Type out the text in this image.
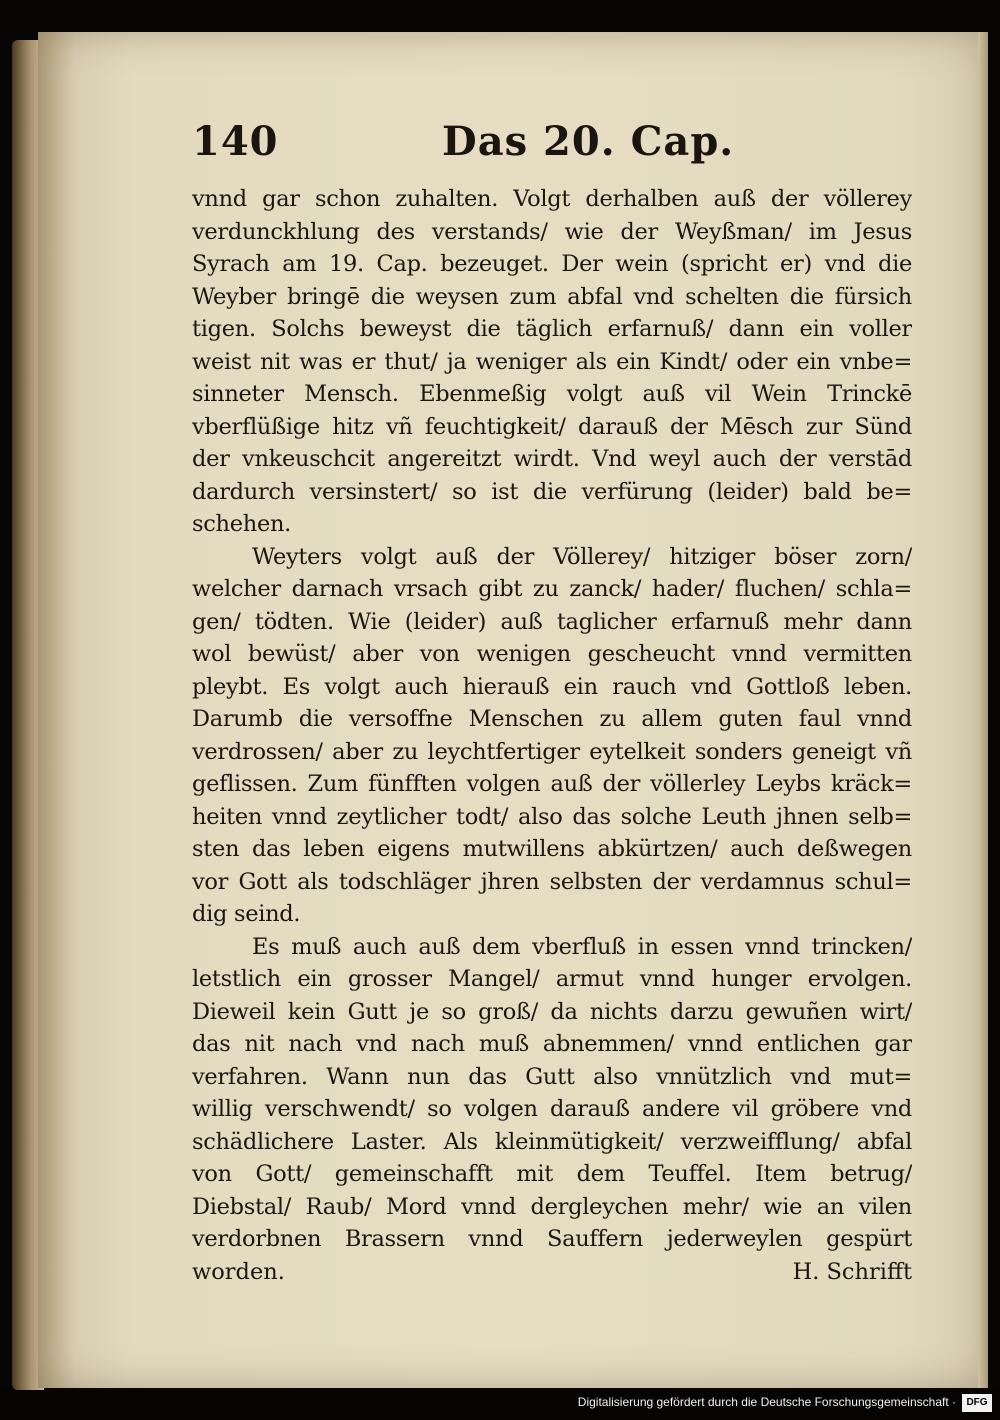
140	Das 20. Cap.
vnnd gar schon zuhalten. Volgt derhalben auß der völlerey
verdunckhlung des verstands/ wie der Weyßman/ im Jesus
Syrach am 19. Cap. bezeuget. Der wein (spricht er) vnd die
Weyber bringē die weysen zum abfal vnd schelten die fürsich
tigen. Solchs beweyst die täglich erfarnuß/ dann ein voller
weist nit was er thut/ ja weniger als ein Kindt/ oder ein vnbe=
sinneter Mensch. Ebenmeßig volgt auß vil Wein Trinckē
vberflüßige hitz vñ feuchtigkeit/ darauß der Mēsch zur Sünd
der vnkeuschcit angereitzt wirdt. Vnd weyl auch der verstād
dardurch versinstert/ so ist die verfürung (leider) bald be=
schehen.
Weyters volgt auß der Völlerey/ hitziger böser zorn/
welcher darnach vrsach gibt zu zanck/ hader/ fluchen/ schla=
gen/ tödten. Wie (leider) auß taglicher erfarnuß mehr dann
wol bewüst/ aber von wenigen gescheucht vnnd vermitten
pleybt. Es volgt auch hierauß ein rauch vnd Gottloß leben.
Darumb die versoffne Menschen zu allem guten faul vnnd
verdrossen/ aber zu leychtfertiger eytelkeit sonders geneigt vñ
geflissen. Zum fünfften volgen auß der völlerley Leybs kräck=
heiten vnnd zeytlicher todt/ also das solche Leuth jhnen selb=
sten das leben eigens mutwillens abkürtzen/ auch deßwegen
vor Gott als todschläger jhren selbsten der verdamnus schul=
dig seind.
Es muß auch auß dem vberfluß in essen vnnd trincken/
letstlich ein grosser Mangel/ armut vnnd hunger ervolgen.
Dieweil kein Gutt je so groß/ da nichts darzu gewuñen wirt/
das nit nach vnd nach muß abnemmen/ vnnd entlichen gar
verfahren. Wann nun das Gutt also vnnützlich vnd mut=
willig verschwendt/ so volgen darauß andere vil gröbere vnd
schädlichere Laster. Als kleinmütigkeit/ verzweifflung/ abfal
von Gott/ gemeinschafft mit dem Teuffel. Item betrug/
Diebstal/ Raub/ Mord vnnd dergleychen mehr/ wie an vilen
verdorbnen Brassern vnnd Sauffern jederweylen gespürt
worden.	H. Schrifft
Digitalisierung gefördert durch die Deutsche Forschungsgemeinschaft ·	DFG
